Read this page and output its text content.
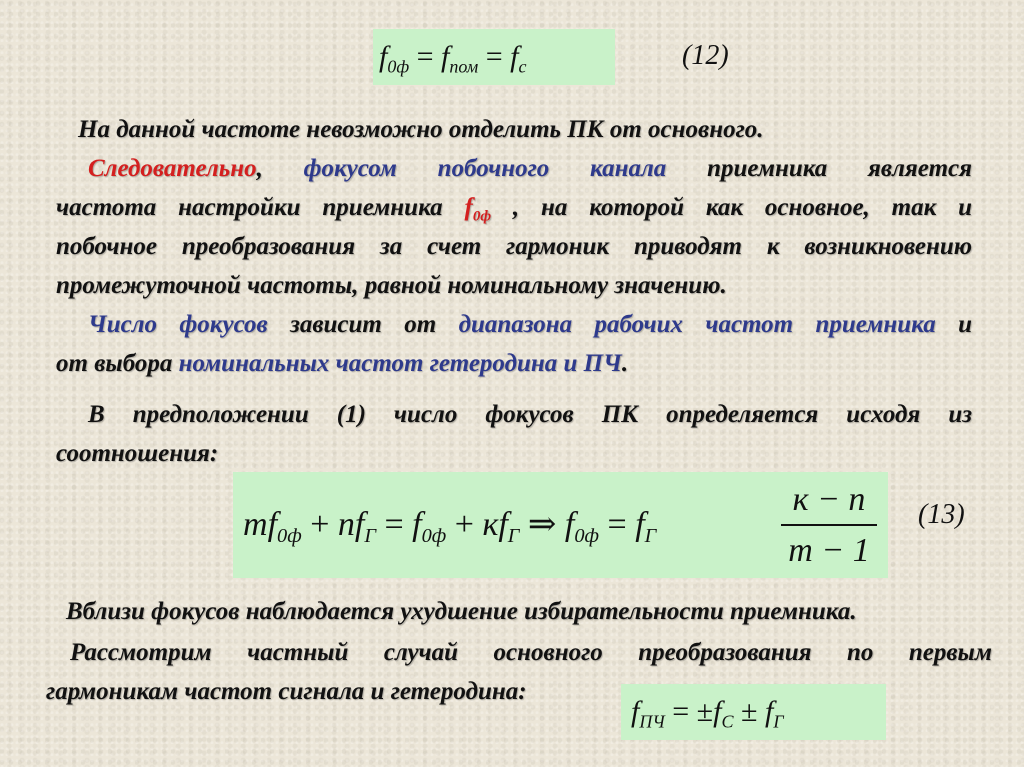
$f_{0ф} = f_{пом} = f_с$	(12)
На данной частоте невозможно отделить ПК от основного.
Следовательно, фокусом побочного канала приемника является
частота настройки приемника $f_{0ф}$ , на которой как основное, так и
побочное преобразования за счет гармоник приводят к возникновению
промежуточной частоты, равной номинальному значению.
Число фокусов зависит от диапазона рабочих частот приемника и
от выбора номинальных частот гетеродина и ПЧ.
В предположении (1) число фокусов ПК определяется исходя из
соотношения:
$mf_{0ф} + nf_Г = f_{0ф} + кf_Г$ ⇒ $f_{0ф} = f_Г$
к − n
m − 1
(13)
Вблизи фокусов наблюдается ухудшение избирательности приемника.
Рассмотрим частный случай основного преобразования по первым
гармоникам частот сигнала и гетеродина:
$f_{ПЧ} = \pm f_С \pm f_Г$
